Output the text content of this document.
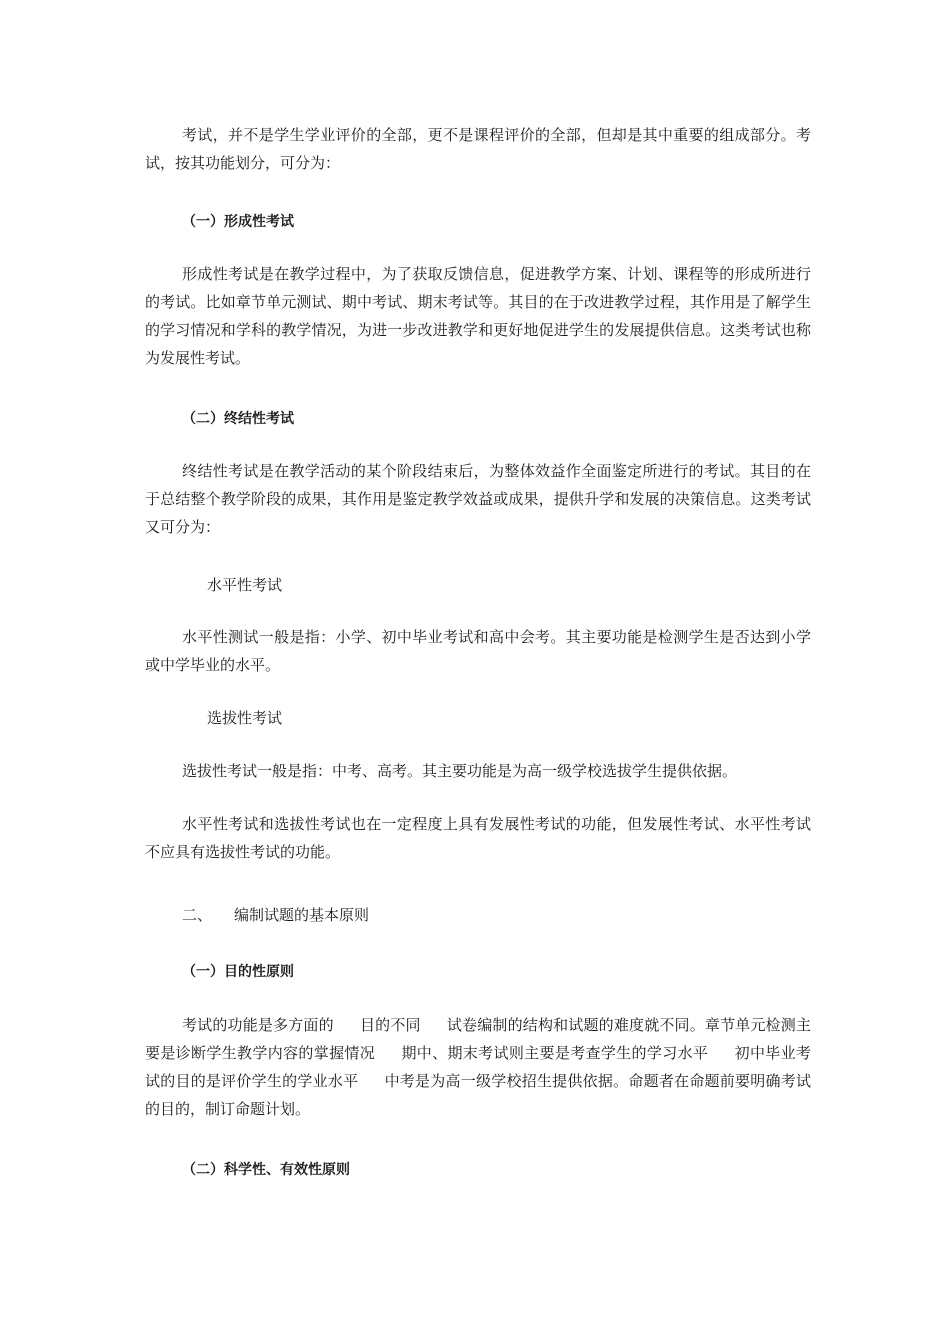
考试，并不是学生学业评价的全部，更不是课程评价的全部，但却是其中重要的组成部分。考试，按其功能划分，可分为：

（一）形成性考试

形成性考试是在教学过程中，为了获取反馈信息，促进教学方案、计划、课程等的形成所进行的考试。比如章节单元测试、期中考试、期末考试等。其目的在于改进教学过程，其作用是了解学生的学习情况和学科的教学情况，为进一步改进教学和更好地促进学生的发展提供信息。这类考试也称为发展性考试。

（二）终结性考试

终结性考试是在教学活动的某个阶段结束后，为整体效益作全面鉴定所进行的考试。其目的在于总结整个教学阶段的成果，其作用是鉴定教学效益或成果，提供升学和发展的决策信息。这类考试又可分为：

水平性考试

水平性测试一般是指：小学、初中毕业考试和高中会考。其主要功能是检测学生是否达到小学或中学毕业的水平。

选拔性考试

选拔性考试一般是指：中考、高考。其主要功能是为高一级学校选拔学生提供依据。

水平性考试和选拔性考试也在一定程度上具有发展性考试的功能，但发展性考试、水平性考试不应具有选拔性考试的功能。

二、 编制试题的基本原则

（一）目的性原则

考试的功能是多方面的 目的不同 试卷编制的结构和试题的难度就不同。章节单元检测主要是诊断学生教学内容的掌握情况 期中、期末考试则主要是考查学生的学习水平 初中毕业考试的目的是评价学生的学业水平 中考是为高一级学校招生提供依据。命题者在命题前要明确考试的目的，制订命题计划。

（二）科学性、有效性原则
